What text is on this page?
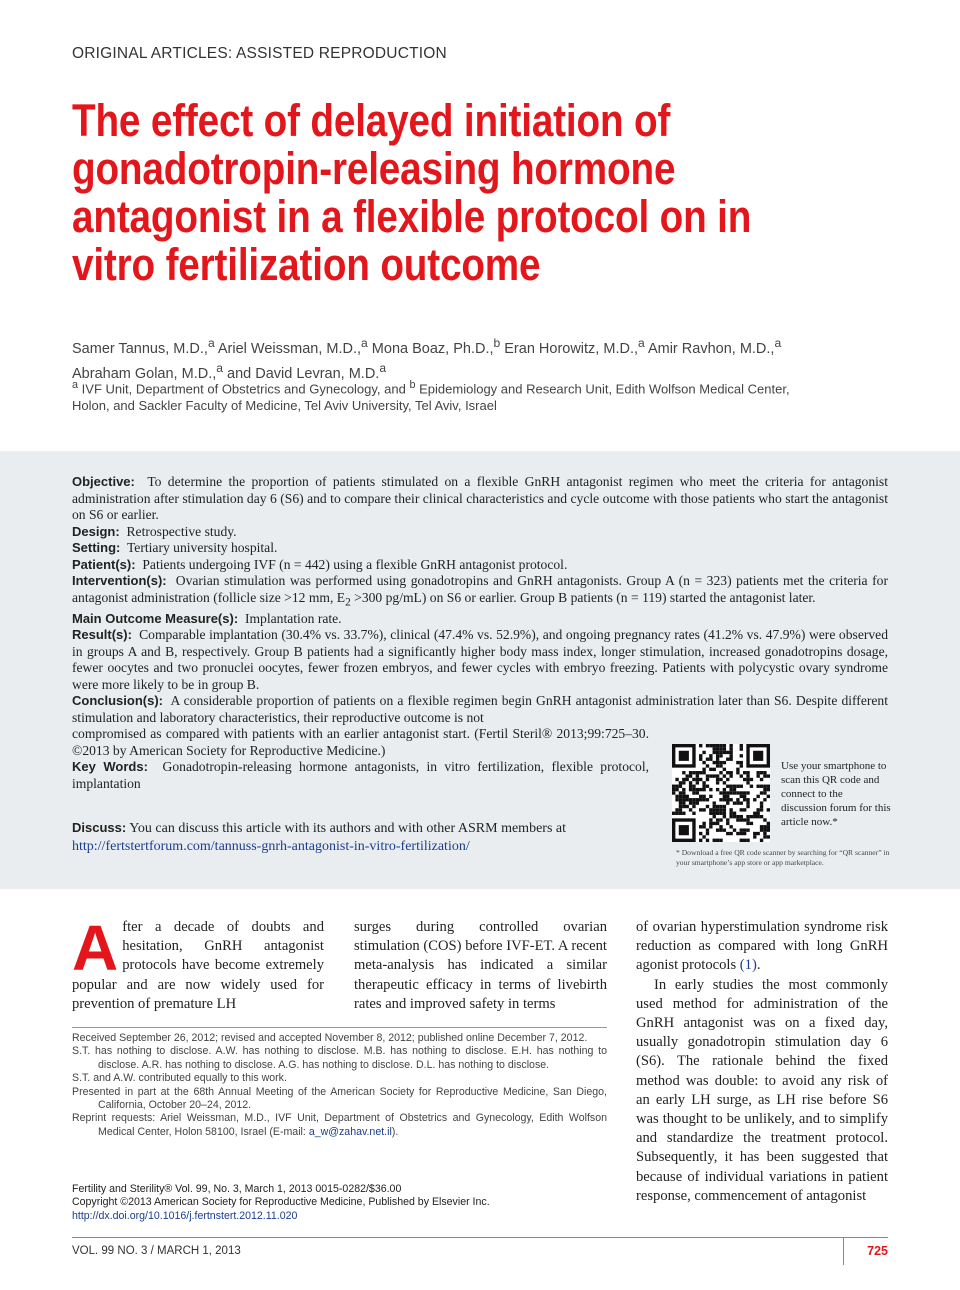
ORIGINAL ARTICLES: ASSISTED REPRODUCTION
The effect of delayed initiation of gonadotropin-releasing hormone antagonist in a flexible protocol on in vitro fertilization outcome
Samer Tannus, M.D.,$^a$ Ariel Weissman, M.D.,$^a$ Mona Boaz, Ph.D.,$^b$ Eran Horowitz, M.D.,$^a$ Amir Ravhon, M.D.,$^a$
Abraham Golan, M.D.,$^a$ and David Levran, M.D.$^a$
$^a$ IVF Unit, Department of Obstetrics and Gynecology, and $^b$ Epidemiology and Research Unit, Edith Wolfson Medical Center,
Holon, and Sackler Faculty of Medicine, Tel Aviv University, Tel Aviv, Israel

Objective: To determine the proportion of patients stimulated on a flexible GnRH antagonist regimen who meet the criteria for antagonist administration after stimulation day 6 (S6) and to compare their clinical characteristics and cycle outcome with those patients who start the antagonist on S6 or earlier.

Design: Retrospective study.

Setting: Tertiary university hospital.

Patient(s): Patients undergoing IVF (n = 442) using a flexible GnRH antagonist protocol.

Intervention(s): Ovarian stimulation was performed using gonadotropins and GnRH antagonists. Group A (n = 323) patients met the criteria for antagonist administration (follicle size >12 mm, $E_2 >300$ pg/mL) on S6 or earlier. Group B patients (n = 119) started the antagonist later.

Main Outcome Measure(s): Implantation rate.

Result(s): Comparable implantation (30.4% vs. 33.7%), clinical (47.4% vs. 52.9%), and ongoing pregnancy rates (41.2% vs. 47.9%) were observed in groups A and B, respectively. Group B patients had a significantly higher body mass index, longer stimulation, increased gonadotropins dosage, fewer oocytes and two pronuclei oocytes, fewer frozen embryos, and fewer cycles with embryo freezing. Patients with polycystic ovary syndrome were more likely to be in group B.

Conclusion(s): A considerable proportion of patients on a flexible regimen begin GnRH antagonist administration later than S6. Despite different stimulation and laboratory characteristics, their reproductive outcome is not

compromised as compared with patients with an earlier antagonist start. (Fertil Steril® 2013;99:725–30. ©2013 by American Society for Reproductive Medicine.)

Key Words: Gonadotropin-releasing hormone antagonists, in vitro fertilization, flexible protocol, implantation

Discuss: You can discuss this article with its authors and with other ASRM members at http://fertstertforum.com/tannuss-gnrh-antagonist-in-vitro-fertilization/
Use your smartphone to scan this QR code and connect to the discussion forum for this article now.*
* Download a free QR code scanner by searching for “QR scanner” in your smartphone’s app store or app marketplace.
After a decade of doubts and hesitation, GnRH antagonist protocols have become extremely popular and are now widely used for prevention of premature LH
surges during controlled ovarian stimulation (COS) before IVF-ET. A recent meta-analysis has indicated a similar therapeutic efficacy in terms of livebirth rates and improved safety in terms
of ovarian hyperstimulation syndrome risk reduction as compared with long GnRH agonist protocols (1).
In early studies the most commonly used method for administration of the GnRH antagonist was on a fixed day, usually gonadotropin stimulation day 6 (S6). The rationale behind the fixed method was double: to avoid any risk of an early LH surge, as LH rise before S6 was thought to be unlikely, and to simplify and standardize the treatment protocol. Subsequently, it has been suggested that because of individual variations in patient response, commencement of antagonist
Received September 26, 2012; revised and accepted November 8, 2012; published online December 7, 2012.
S.T. has nothing to disclose. A.W. has nothing to disclose. M.B. has nothing to disclose. E.H. has nothing to disclose. A.R. has nothing to disclose. A.G. has nothing to disclose. D.L. has nothing to disclose.
S.T. and A.W. contributed equally to this work.
Presented in part at the 68th Annual Meeting of the American Society for Reproductive Medicine, San Diego, California, October 20–24, 2012.
Reprint requests: Ariel Weissman, M.D., IVF Unit, Department of Obstetrics and Gynecology, Edith Wolfson Medical Center, Holon 58100, Israel (E-mail: a_w@zahav.net.il).
Fertility and Sterility® Vol. 99, No. 3, March 1, 2013 0015-0282/$36.00
Copyright ©2013 American Society for Reproductive Medicine, Published by Elsevier Inc.
http://dx.doi.org/10.1016/j.fertnstert.2012.11.020
VOL. 99 NO. 3 / MARCH 1, 2013	725
